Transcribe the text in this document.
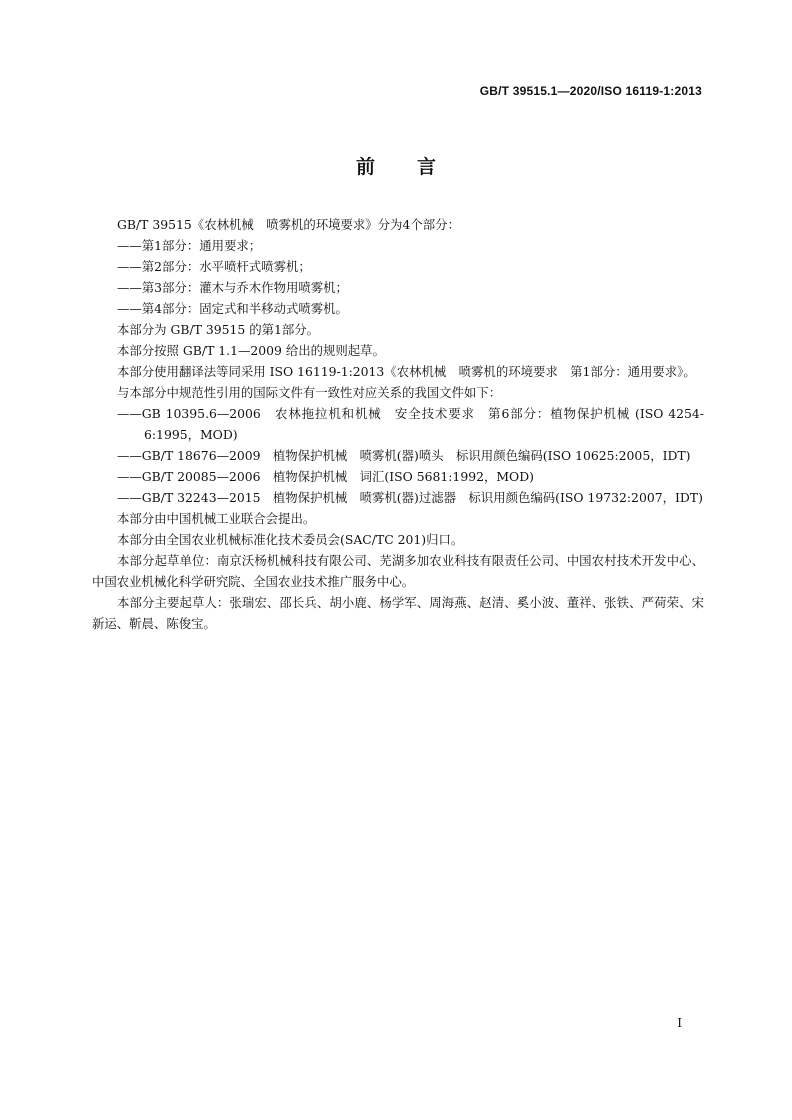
GB/T 39515.1—2020/ISO 16119-1:2013
前言

GB/T 39515《农林机械　喷雾机的环境要求》分为4个部分：

——第1部分：通用要求；

——第2部分：水平喷杆式喷雾机；

——第3部分：灌木与乔木作物用喷雾机；

——第4部分：固定式和半移动式喷雾机。

本部分为 GB/T 39515 的第1部分。

本部分按照 GB/T 1.1—2009 给出的规则起草。

本部分使用翻译法等同采用 ISO 16119-1:2013《农林机械　喷雾机的环境要求　第1部分：通用要求》。

与本部分中规范性引用的国际文件有一致性对应关系的我国文件如下：

——GB 10395.6—2006　农林拖拉机和机械　安全技术要求　第6部分：植物保护机械 (ISO 4254-6:1995，MOD)

——GB/T 18676—2009　植物保护机械　喷雾机(器)喷头　标识用颜色编码(ISO 10625:2005，IDT)

——GB/T 20085—2006　植物保护机械　词汇(ISO 5681:1992，MOD)

——GB/T 32243—2015　植物保护机械　喷雾机(器)过滤器　标识用颜色编码(ISO 19732:2007，IDT)

本部分由中国机械工业联合会提出。

本部分由全国农业机械标准化技术委员会(SAC/TC 201)归口。

本部分起草单位：南京沃杨机械科技有限公司、芜湖多加农业科技有限责任公司、中国农村技术开发中心、中国农业机械化科学研究院、全国农业技术推广服务中心。

本部分主要起草人：张瑞宏、邵长兵、胡小鹿、杨学军、周海燕、赵清、奚小波、董祥、张铁、严荷荣、宋新运、靳晨、陈俊宝。

I
